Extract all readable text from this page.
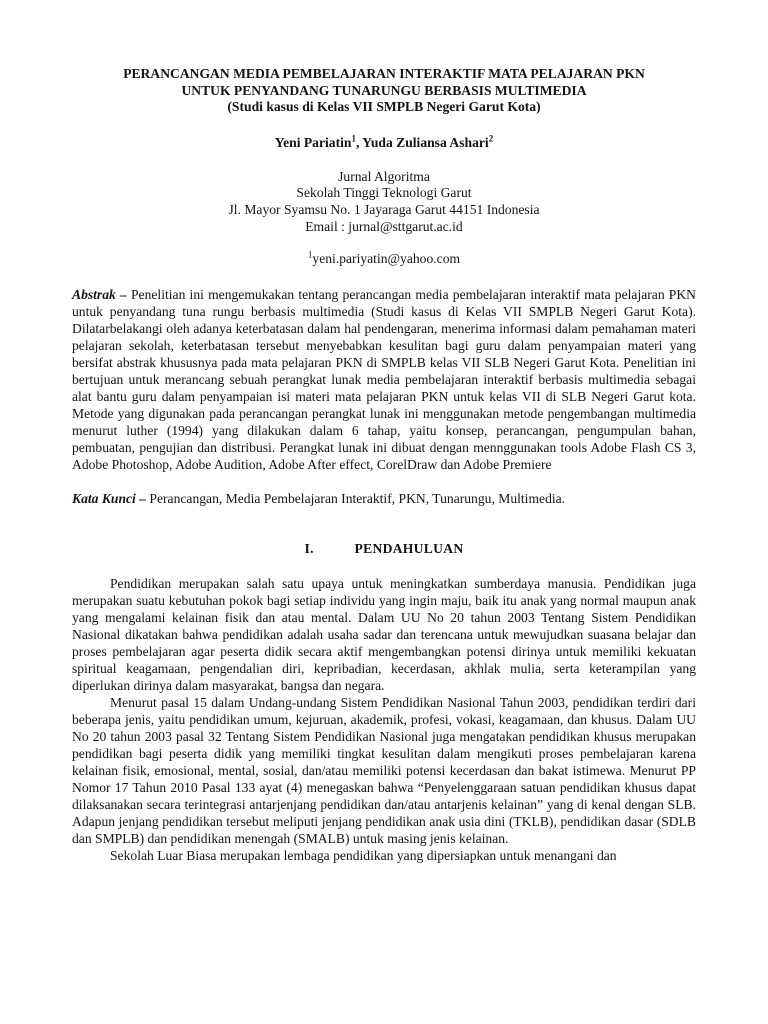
PERANCANGAN MEDIA PEMBELAJARAN INTERAKTIF MATA PELAJARAN PKN
UNTUK PENYANDANG TUNARUNGU BERBASIS MULTIMEDIA
(Studi kasus di Kelas VII SMPLB Negeri Garut Kota)
Yeni Pariatin$^1$, Yuda Zuliansa Ashari$^2$
Jurnal Algoritma
Sekolah Tinggi Teknologi Garut
Jl. Mayor Syamsu No. 1 Jayaraga Garut 44151 Indonesia
Email : jurnal@sttgarut.ac.id
$^1$yeni.pariyatin@yahoo.com
Abstrak – Penelitian ini mengemukakan tentang perancangan media pembelajaran interaktif mata pelajaran PKN untuk penyandang tuna rungu berbasis multimedia (Studi kasus di Kelas VII SMPLB Negeri Garut Kota). Dilatarbelakangi oleh adanya keterbatasan dalam hal pendengaran, menerima informasi dalam pemahaman materi pelajaran sekolah, keterbatasan tersebut menyebabkan kesulitan bagi guru dalam penyampaian materi yang bersifat abstrak khususnya pada mata pelajaran PKN di SMPLB kelas VII SLB Negeri Garut Kota. Penelitian ini bertujuan untuk merancang sebuah perangkat lunak media pembelajaran interaktif berbasis multimedia sebagai alat bantu guru dalam penyampaian isi materi mata pelajaran PKN untuk kelas VII di SLB Negeri Garut kota. Metode yang digunakan pada perancangan perangkat lunak ini menggunakan metode pengembangan multimedia menurut luther (1994) yang dilakukan dalam 6 tahap, yaitu konsep, perancangan, pengumpulan bahan, pembuatan, pengujian dan distribusi. Perangkat lunak ini dibuat dengan mennggunakan tools Adobe Flash CS 3, Adobe Photoshop, Adobe Audition, Adobe After effect, CorelDraw dan Adobe Premiere
Kata Kunci – Perancangan, Media Pembelajaran Interaktif, PKN, Tunarungu, Multimedia.
I.	PENDAHULUAN

Pendidikan merupakan salah satu upaya untuk meningkatkan sumberdaya manusia. Pendidikan juga merupakan suatu kebutuhan pokok bagi setiap individu yang ingin maju, baik itu anak yang normal maupun anak yang mengalami kelainan fisik dan atau mental. Dalam UU No 20 tahun 2003 Tentang Sistem Pendidikan Nasional dikatakan bahwa pendidikan adalah usaha sadar dan terencana untuk mewujudkan suasana belajar dan proses pembelajaran agar peserta didik secara aktif mengembangkan potensi dirinya untuk memiliki kekuatan spiritual keagamaan, pengendalian diri, kepribadian, kecerdasan, akhlak mulia, serta keterampilan yang diperlukan dirinya dalam masyarakat, bangsa dan negara.

Menurut pasal 15 dalam Undang-undang Sistem Pendidikan Nasional Tahun 2003, pendidikan terdiri dari beberapa jenis, yaitu pendidikan umum, kejuruan, akademik, profesi, vokasi, keagamaan, dan khusus. Dalam UU No 20 tahun 2003 pasal 32 Tentang Sistem Pendidikan Nasional juga mengatakan pendidikan khusus merupakan pendidikan bagi peserta didik yang memiliki tingkat kesulitan dalam mengikuti proses pembelajaran karena kelainan fisik, emosional, mental, sosial, dan/atau memiliki potensi kecerdasan dan bakat istimewa. Menurut PP Nomor 17 Tahun 2010 Pasal 133 ayat (4) menegaskan bahwa “Penyelenggaraan satuan pendidikan khusus dapat dilaksanakan secara terintegrasi antarjenjang pendidikan dan/atau antarjenis kelainan” yang di kenal dengan SLB. Adapun jenjang pendidikan tersebut meliputi jenjang pendidikan anak usia dini (TKLB), pendidikan dasar (SDLB dan SMPLB) dan pendidikan menengah (SMALB) untuk masing jenis kelainan.

Sekolah Luar Biasa merupakan lembaga pendidikan yang dipersiapkan untuk menangani dan
